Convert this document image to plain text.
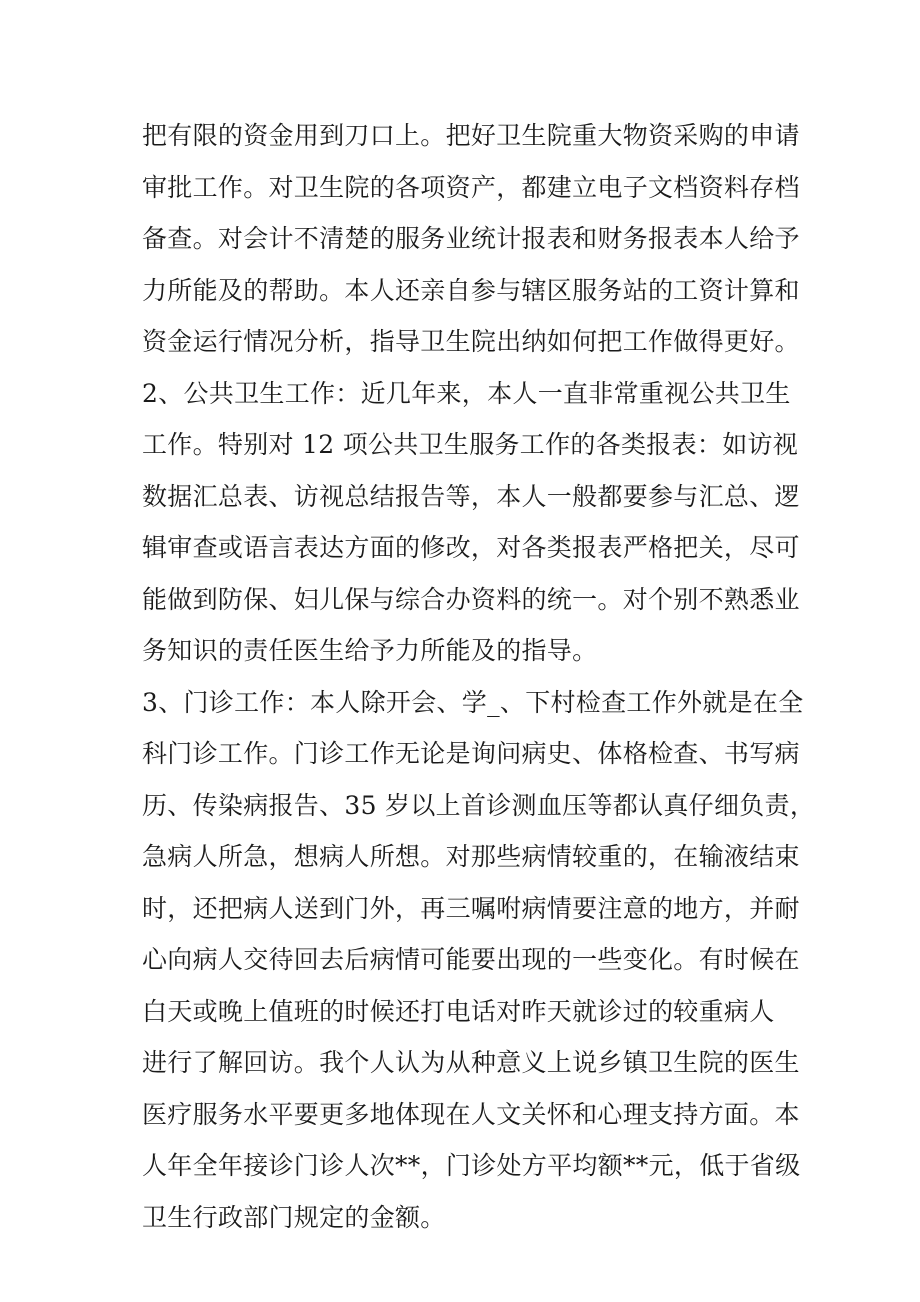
把有限的资金用到刀口上。把好卫生院重大物资采购的申请
审批工作。对卫生院的各项资产，都建立电子文档资料存档
备查。对会计不清楚的服务业统计报表和财务报表本人给予
力所能及的帮助。本人还亲自参与辖区服务站的工资计算和
资金运行情况分析，指导卫生院出纳如何把工作做得更好。
2、公共卫生工作：近几年来，本人一直非常重视公共卫生
工作。特别对 12 项公共卫生服务工作的各类报表：如访视
数据汇总表、访视总结报告等，本人一般都要参与汇总、逻
辑审查或语言表达方面的修改，对各类报表严格把关，尽可
能做到防保、妇儿保与综合办资料的统一。对个别不熟悉业
务知识的责任医生给予力所能及的指导。
3、门诊工作：本人除开会、学_、下村检查工作外就是在全
科门诊工作。门诊工作无论是询问病史、体格检查、书写病
历、传染病报告、35 岁以上首诊测血压等都认真仔细负责，
急病人所急，想病人所想。对那些病情较重的，在输液结束
时，还把病人送到门外，再三嘱咐病情要注意的地方，并耐
心向病人交待回去后病情可能要出现的一些变化。有时候在
白天或晚上值班的时候还打电话对昨天就诊过的较重病人
进行了解回访。我个人认为从种意义上说乡镇卫生院的医生
医疗服务水平要更多地体现在人文关怀和心理支持方面。本
人年全年接诊门诊人次**，门诊处方平均额**元，低于省级
卫生行政部门规定的金额。
